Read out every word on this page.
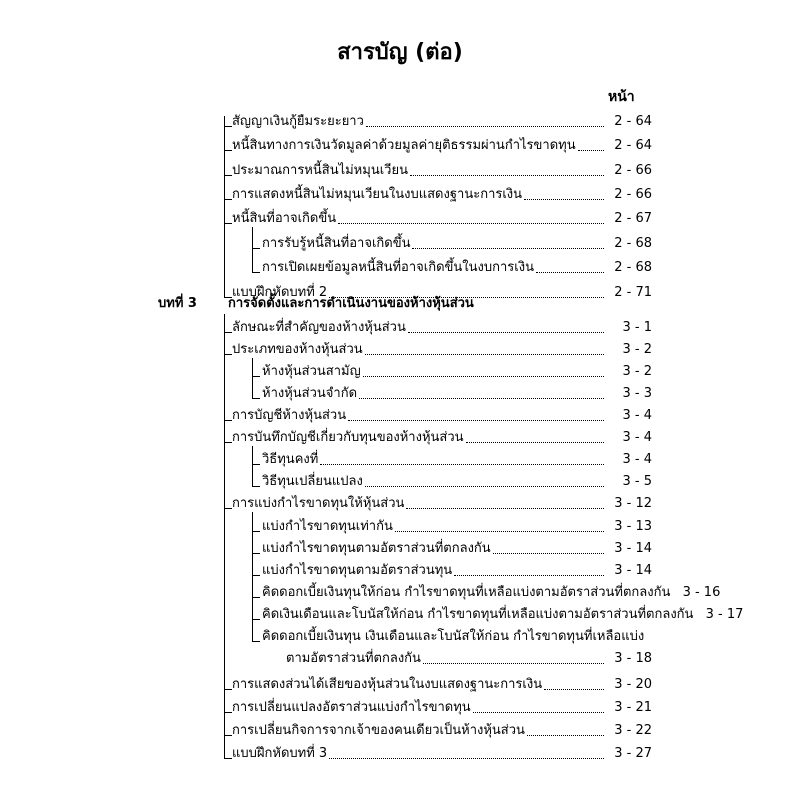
สารบัญ (ต่อ)
หน้า
สัญญาเงินกู้ยืมระยะยาว	2 - 64
หนี้สินทางการเงินวัดมูลค่าด้วยมูลค่ายุติธรรมผ่านกำไรขาดทุน	2 - 64
ประมาณการหนี้สินไม่หมุนเวียน	2 - 66
การแสดงหนี้สินไม่หมุนเวียนในงบแสดงฐานะการเงิน	2 - 66
หนี้สินที่อาจเกิดขึ้น	2 - 67
การรับรู้หนี้สินที่อาจเกิดขึ้น	2 - 68
การเปิดเผยข้อมูลหนี้สินที่อาจเกิดขึ้นในงบการเงิน	2 - 68
แบบฝึกหัดบทที่ 2	2 - 71
บทที่ 3 การจัดตั้งและการดำเนินงานของห้างหุ้นส่วน
ลักษณะที่สำคัญของห้างหุ้นส่วน	3 - 1
ประเภทของห้างหุ้นส่วน	3 - 2
ห้างหุ้นส่วนสามัญ	3 - 2
ห้างหุ้นส่วนจำกัด	3 - 3
การบัญชีห้างหุ้นส่วน	3 - 4
การบันทึกบัญชีเกี่ยวกับทุนของห้างหุ้นส่วน	3 - 4
วิธีทุนคงที่	3 - 4
วิธีทุนเปลี่ยนแปลง	3 - 5
การแบ่งกำไรขาดทุนให้หุ้นส่วน	3 - 12
แบ่งกำไรขาดทุนเท่ากัน	3 - 13
แบ่งกำไรขาดทุนตามอัตราส่วนที่ตกลงกัน	3 - 14
แบ่งกำไรขาดทุนตามอัตราส่วนทุน	3 - 14
คิดดอกเบี้ยเงินทุนให้ก่อน กำไรขาดทุนที่เหลือแบ่งตามอัตราส่วนที่ตกลงกัน 3 - 16
คิดเงินเดือนและโบนัสให้ก่อน กำไรขาดทุนที่เหลือแบ่งตามอัตราส่วนที่ตกลงกัน 3 - 17
คิดดอกเบี้ยเงินทุน เงินเดือนและโบนัสให้ก่อน กำไรขาดทุนที่เหลือแบ่ง
ตามอัตราส่วนที่ตกลงกัน	3 - 18
การแสดงส่วนได้เสียของหุ้นส่วนในงบแสดงฐานะการเงิน	3 - 20
การเปลี่ยนแปลงอัตราส่วนแบ่งกำไรขาดทุน	3 - 21
การเปลี่ยนกิจการจากเจ้าของคนเดียวเป็นห้างหุ้นส่วน	3 - 22
แบบฝึกหัดบทที่ 3	3 - 27
